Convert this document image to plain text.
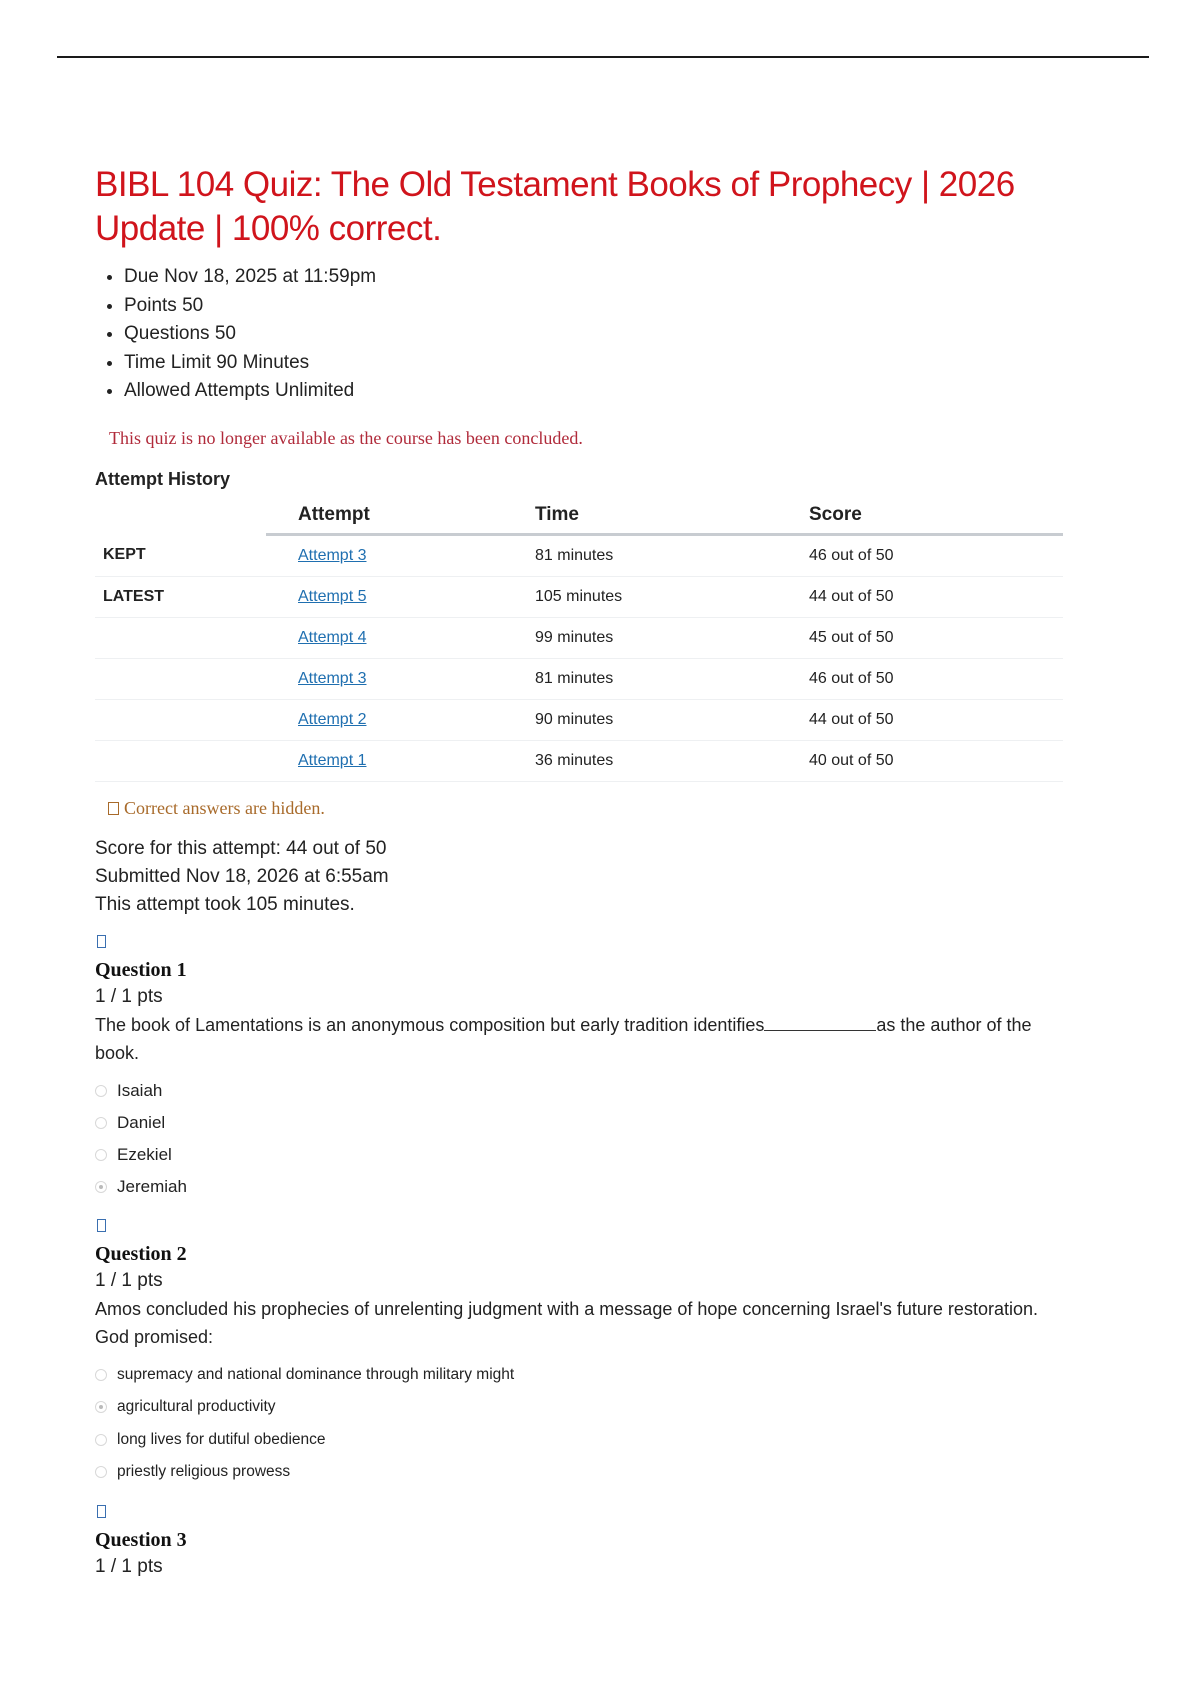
BIBL 104 Quiz: The Old Testament Books of Prophecy | 2026 Update | 100% correct.
• Due Nov 18, 2025 at 11:59pm
• Points 50
• Questions 50
• Time Limit 90 Minutes
• Allowed Attempts Unlimited
This quiz is no longer available as the course has been concluded.
Attempt History
	Attempt	Time	Score
KEPT	Attempt 3	81 minutes	46 out of 50
LATEST	Attempt 5	105 minutes	44 out of 50
	Attempt 4	99 minutes	45 out of 50
	Attempt 3	81 minutes	46 out of 50
	Attempt 2	90 minutes	44 out of 50
	Attempt 1	36 minutes	40 out of 50
Correct answers are hidden.
Score for this attempt: 44 out of 50
Submitted Nov 18, 2026 at 6:55am
This attempt took 105 minutes.
Question 1
1 / 1 pts
The book of Lamentations is an anonymous composition but early tradition identifies	as the author of the book.
Isaiah
Daniel
Ezekiel
Jeremiah
Question 2
1 / 1 pts
Amos concluded his prophecies of unrelenting judgment with a message of hope concerning Israel's future restoration. God promised:
supremacy and national dominance through military might
agricultural productivity
long lives for dutiful obedience
priestly religious prowess
Question 3
1 / 1 pts
